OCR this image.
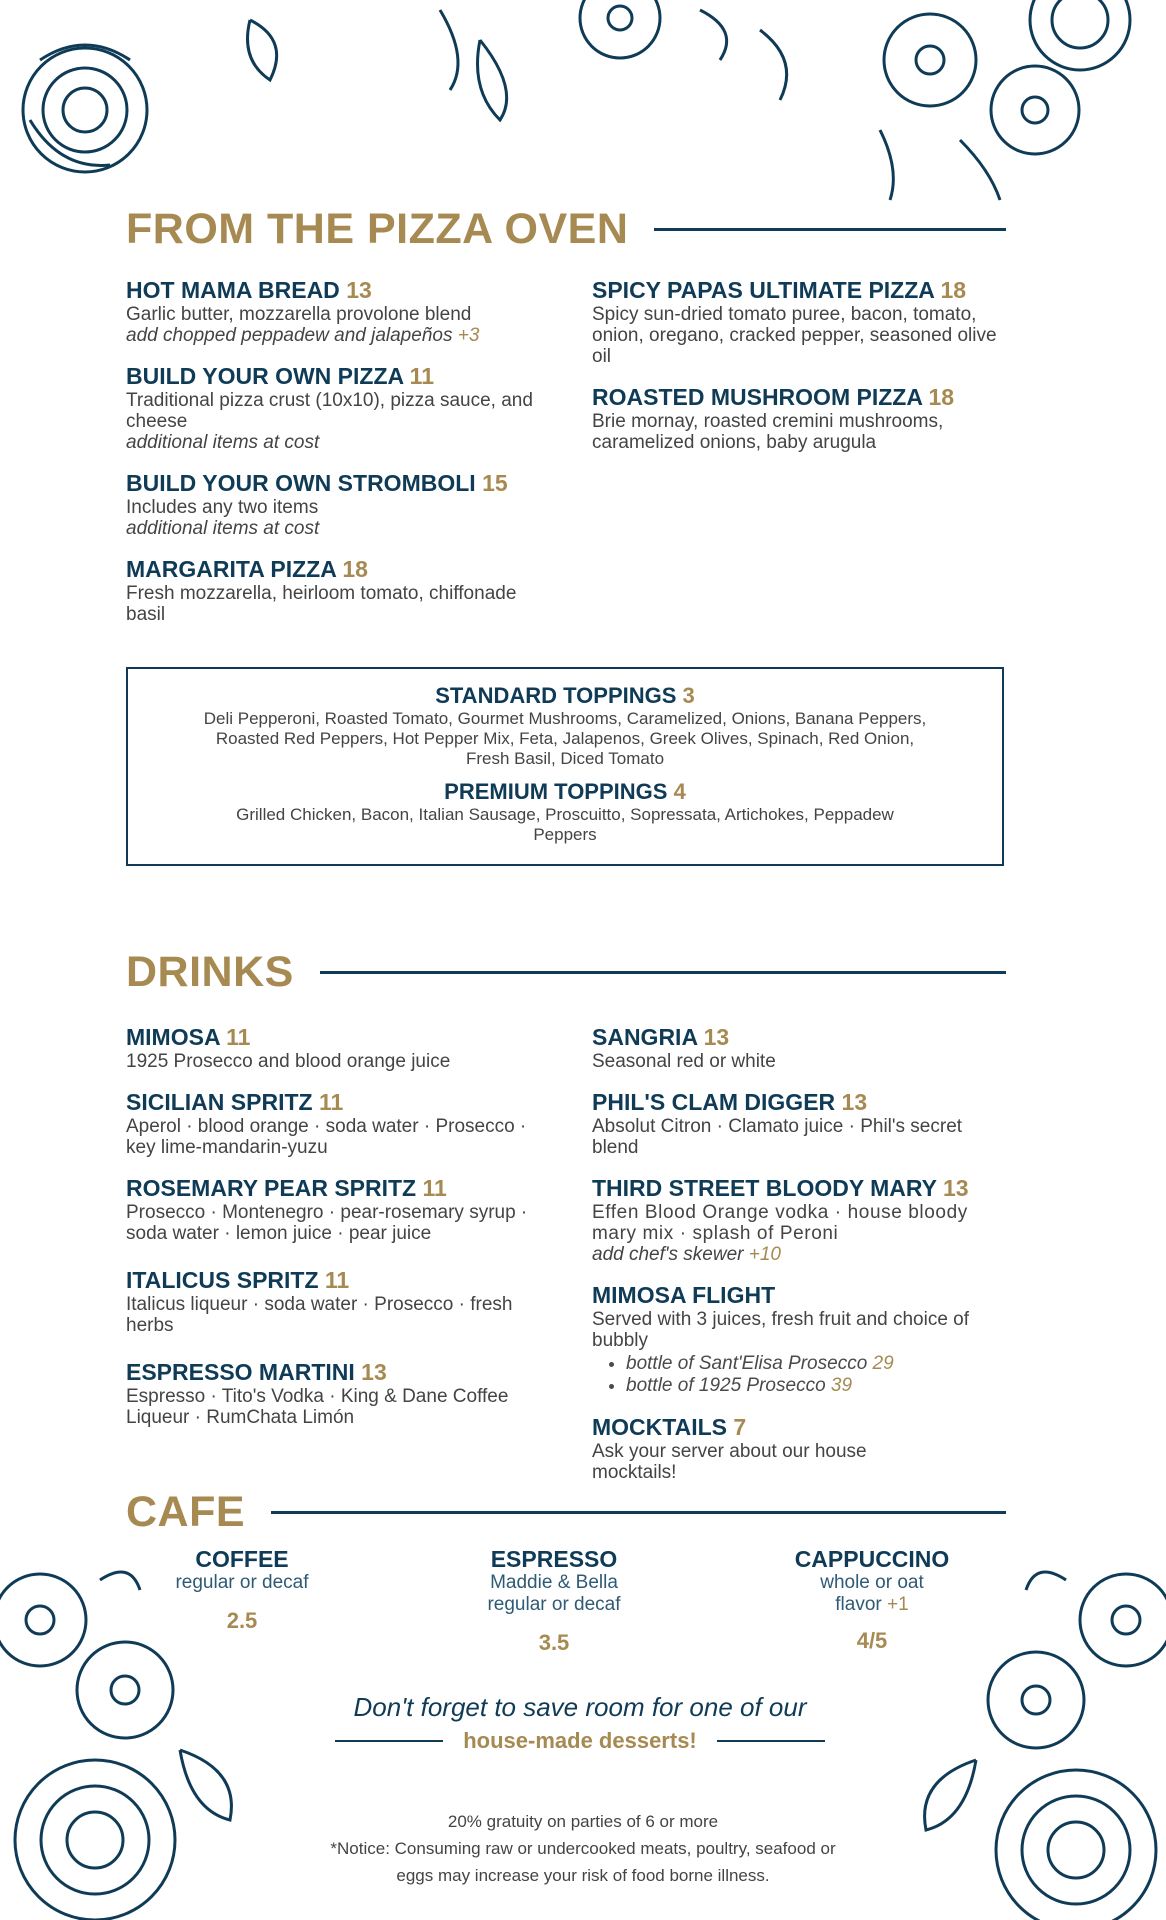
FROM THE PIZZA OVEN
HOT MAMA BREAD 13
Garlic butter, mozzarella provolone blend
add chopped peppadew and jalapeños +3
BUILD YOUR OWN PIZZA 11
Traditional pizza crust (10x10), pizza sauce, and cheese
additional items at cost
BUILD YOUR OWN STROMBOLI 15
Includes any two items
additional items at cost
MARGARITA PIZZA 18
Fresh mozzarella, heirloom tomato, chiffonade basil
SPICY PAPAS ULTIMATE PIZZA 18
Spicy sun-dried tomato puree, bacon, tomato, onion, oregano, cracked pepper, seasoned olive oil
ROASTED MUSHROOM PIZZA 18
Brie mornay, roasted cremini mushrooms, caramelized onions, baby arugula
STANDARD TOPPINGS 3
Deli Pepperoni, Roasted Tomato, Gourmet Mushrooms, Caramelized, Onions, Banana Peppers, Roasted Red Peppers, Hot Pepper Mix, Feta, Jalapenos, Greek Olives, Spinach, Red Onion, Fresh Basil, Diced Tomato
PREMIUM TOPPINGS 4
Grilled Chicken, Bacon, Italian Sausage, Proscuitto, Sopressata, Artichokes, Peppadew Peppers
DRINKS
MIMOSA 11
1925 Prosecco and blood orange juice
SICILIAN SPRITZ 11
Aperol · blood orange · soda water · Prosecco · key lime-mandarin-yuzu
ROSEMARY PEAR SPRITZ 11
Prosecco · Montenegro · pear-rosemary syrup · soda water · lemon juice · pear juice
ITALICUS SPRITZ 11
Italicus liqueur · soda water · Prosecco · fresh herbs
ESPRESSO MARTINI 13
Espresso · Tito's Vodka · King & Dane Coffee Liqueur · RumChata Limón
SANGRIA 13
Seasonal red or white
PHIL'S CLAM DIGGER 13
Absolut Citron · Clamato juice · Phil's secret blend
THIRD STREET BLOODY MARY 13
Effen Blood Orange vodka · house bloody mary mix · splash of Peroni
add chef's skewer +10
MIMOSA FLIGHT
Served with 3 juices, fresh fruit and choice of bubbly
• bottle of Sant'Elisa Prosecco 29
• bottle of 1925 Prosecco 39
MOCKTAILS 7
Ask your server about our house mocktails!
CAFE
COFFEE
regular or decaf
2.5
ESPRESSO
Maddie & Bella
regular or decaf
3.5
CAPPUCCINO
whole or oat
flavor +1
4/5
Don't forget to save room for one of our
house-made desserts!
20% gratuity on parties of 6 or more
*Notice: Consuming raw or undercooked meats, poultry, seafood or
eggs may increase your risk of food borne illness.
